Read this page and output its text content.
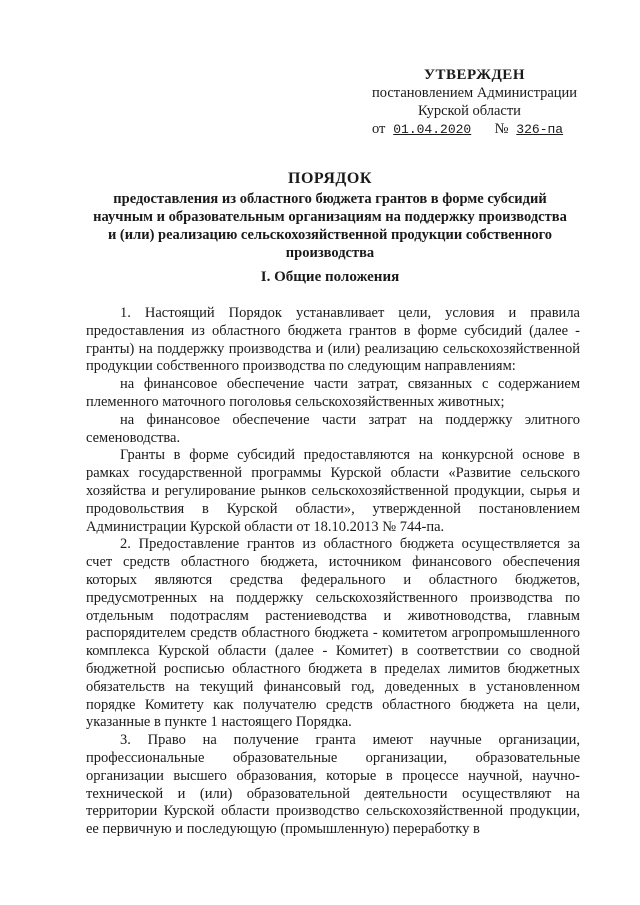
УТВЕРЖДЕН
постановлением Администрации
Курской области
от 01.04.2020 № 326-па
ПОРЯДОК
предоставления из областного бюджета грантов в форме субсидий научным и образовательным организациям на поддержку производства и (или) реализацию сельскохозяйственной продукции собственного производства
I. Общие положения

1. Настоящий Порядок устанавливает цели, условия и правила предоставления из областного бюджета грантов в форме субсидий (далее - гранты) на поддержку производства и (или) реализацию сельскохозяйственной продукции собственного производства по следующим направлениям:

на финансовое обеспечение части затрат, связанных с содержанием племенного маточного поголовья сельскохозяйственных животных;

на финансовое обеспечение части затрат на поддержку элитного семеноводства.

Гранты в форме субсидий предоставляются на конкурсной основе в рамках государственной программы Курской области «Развитие сельского хозяйства и регулирование рынков сельскохозяйственной продукции, сырья и продовольствия в Курской области», утвержденной постановлением Администрации Курской области от 18.10.2013 № 744-па.

2. Предоставление грантов из областного бюджета осуществляется за счет средств областного бюджета, источником финансового обеспечения которых являются средства федерального и областного бюджетов, предусмотренных на поддержку сельскохозяйственного производства по отдельным подотраслям растениеводства и животноводства, главным распорядителем средств областного бюджета - комитетом агропромышленного комплекса Курской области (далее - Комитет) в соответствии со сводной бюджетной росписью областного бюджета в пределах лимитов бюджетных обязательств на текущий финансовый год, доведенных в установленном порядке Комитету как получателю средств областного бюджета на цели, указанные в пункте 1 настоящего Порядка.

3. Право на получение гранта имеют научные организации, профессиональные образовательные организации, образовательные организации высшего образования, которые в процессе научной, научно-технической и (или) образовательной деятельности осуществляют на территории Курской области производство сельскохозяйственной продукции, ее первичную и последующую (промышленную) переработку в
